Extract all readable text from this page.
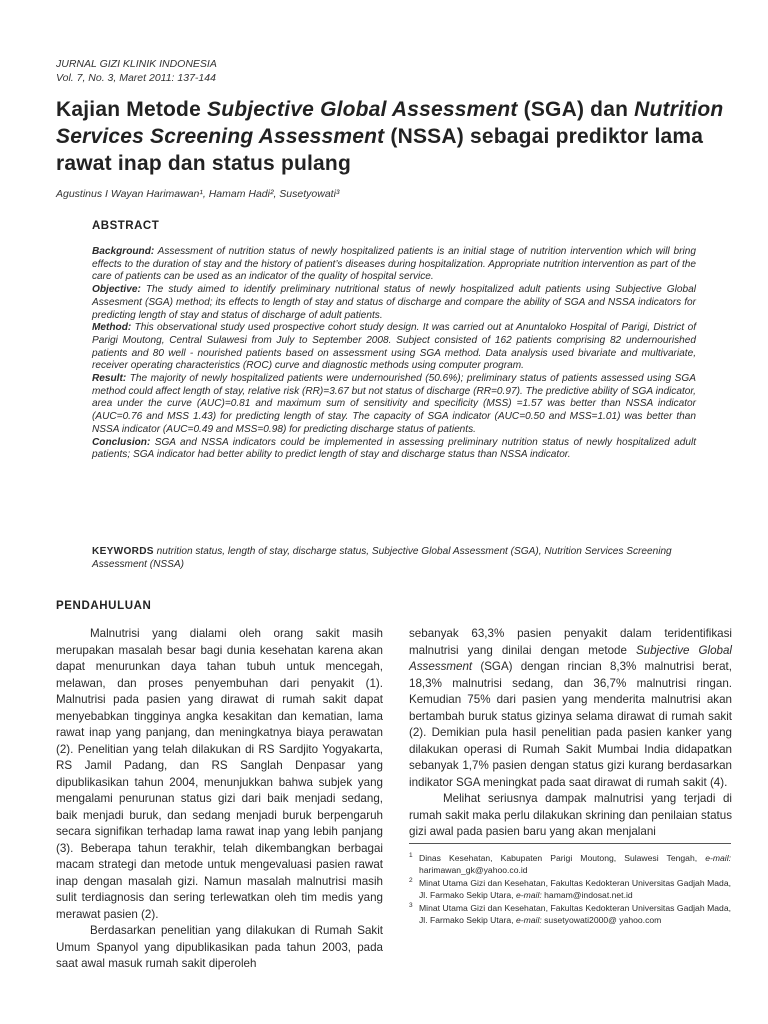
JURNAL GIZI KLINIK INDONESIA
Vol. 7, No. 3, Maret 2011: 137-144
Kajian Metode Subjective Global Assessment (SGA) dan Nutrition Services Screening Assessment (NSSA) sebagai prediktor lama rawat inap dan status pulang
Agustinus I Wayan Harimawan¹, Hamam Hadi², Susetyowati³
ABSTRACT

Background: Assessment of nutrition status of newly hospitalized patients is an initial stage of nutrition intervention which will bring effects to the duration of stay and the history of patient’s diseases during hospitalization. Appropriate nutrition intervention as part of the care of patients can be used as an indicator of the quality of hospital service.

Objective: The study aimed to identify preliminary nutritional status of newly hospitalized adult patients using Subjective Global Assesment (SGA) method; its effects to length of stay and status of discharge and compare the ability of SGA and NSSA indicators for predicting length of stay and status of discharge of adult patients.

Method: This observational study used prospective cohort study design. It was carried out at Anuntaloko Hospital of Parigi, District of Parigi Moutong, Central Sulawesi from July to September 2008. Subject consisted of 162 patients comprising 82 undernourished patients and 80 well - nourished patients based on assessment using SGA method. Data analysis used bivariate and multivariate, receiver operating characteristics (ROC) curve and diagnostic methods using computer program.

Result: The majority of newly hospitalized patients were undernourished (50.6%); preliminary status of patients assessed using SGA method could affect length of stay, relative risk (RR)=3.67 but not status of discharge (RR=0.97). The predictive ability of SGA indicator, area under the curve (AUC)=0.81 and maximum sum of sensitivity and specificity (MSS) =1.57 was better than NSSA indicator (AUC=0.76 and MSS 1.43) for predicting length of stay. The capacity of SGA indicator (AUC=0.50 and MSS=1.01) was better than NSSA indicator (AUC=0.49 and MSS=0.98) for predicting discharge status of patients.

Conclusion: SGA and NSSA indicators could be implemented in assessing preliminary nutrition status of newly hospitalized adult patients; SGA indicator had better ability to predict length of stay and discharge status than NSSA indicator.

KEYWORDS nutrition status, length of stay, discharge status, Subjective Global Assessment (SGA), Nutrition Services Screening Assessment (NSSA)
PENDAHULUAN

Malnutrisi yang dialami oleh orang sakit masih merupakan masalah besar bagi dunia kesehatan karena akan dapat menurunkan daya tahan tubuh untuk mencegah, melawan, dan proses penyembuhan dari penyakit (1). Malnutrisi pada pasien yang dirawat di rumah sakit dapat menyebabkan tingginya angka kesakitan dan kematian, lama rawat inap yang panjang, dan meningkatnya biaya perawatan (2). Penelitian yang telah dilakukan di RS Sardjito Yogyakarta, RS Jamil Padang, dan RS Sanglah Denpasar yang dipublikasikan tahun 2004, menunjukkan bahwa subjek yang mengalami penurunan status gizi dari baik menjadi sedang, baik menjadi buruk, dan sedang menjadi buruk berpengaruh secara signifikan terhadap lama rawat inap yang lebih panjang (3). Beberapa tahun terakhir, telah dikembangkan berbagai macam strategi dan metode untuk mengevaluasi pasien rawat inap dengan masalah gizi. Namun masalah malnutrisi masih sulit terdiagnosis dan sering terlewatkan oleh tim medis yang merawat pasien (2).

Berdasarkan penelitian yang dilakukan di Rumah Sakit Umum Spanyol yang dipublikasikan pada tahun 2003, pada saat awal masuk rumah sakit diperoleh

sebanyak 63,3% pasien penyakit dalam teridentifikasi malnutrisi yang dinilai dengan metode Subjective Global Assessment (SGA) dengan rincian 8,3% malnutrisi berat, 18,3% malnutrisi sedang, dan 36,7% malnutrisi ringan. Kemudian 75% dari pasien yang menderita malnutrisi akan bertambah buruk status gizinya selama dirawat di rumah sakit (2). Demikian pula hasil penelitian pada pasien kanker yang dilakukan operasi di Rumah Sakit Mumbai India didapatkan sebanyak 1,7% pasien dengan status gizi kurang berdasarkan indikator SGA meningkat pada saat dirawat di rumah sakit (4).

Melihat seriusnya dampak malnutrisi yang terjadi di rumah sakit maka perlu dilakukan skrining dan penilaian status gizi awal pada pasien baru yang akan menjalani

1 Dinas Kesehatan, Kabupaten Parigi Moutong, Sulawesi Tengah, e-mail: harimawan_gk@yahoo.co.id
2 Minat Utama Gizi dan Kesehatan, Fakultas Kedokteran Universitas Gadjah Mada, Jl. Farmako Sekip Utara, e-mail: hamam@indosat.net.id
3 Minat Utama Gizi dan Kesehatan, Fakultas Kedokteran Universitas Gadjah Mada, Jl. Farmako Sekip Utara, e-mail: susetyowati2000@ yahoo.com
